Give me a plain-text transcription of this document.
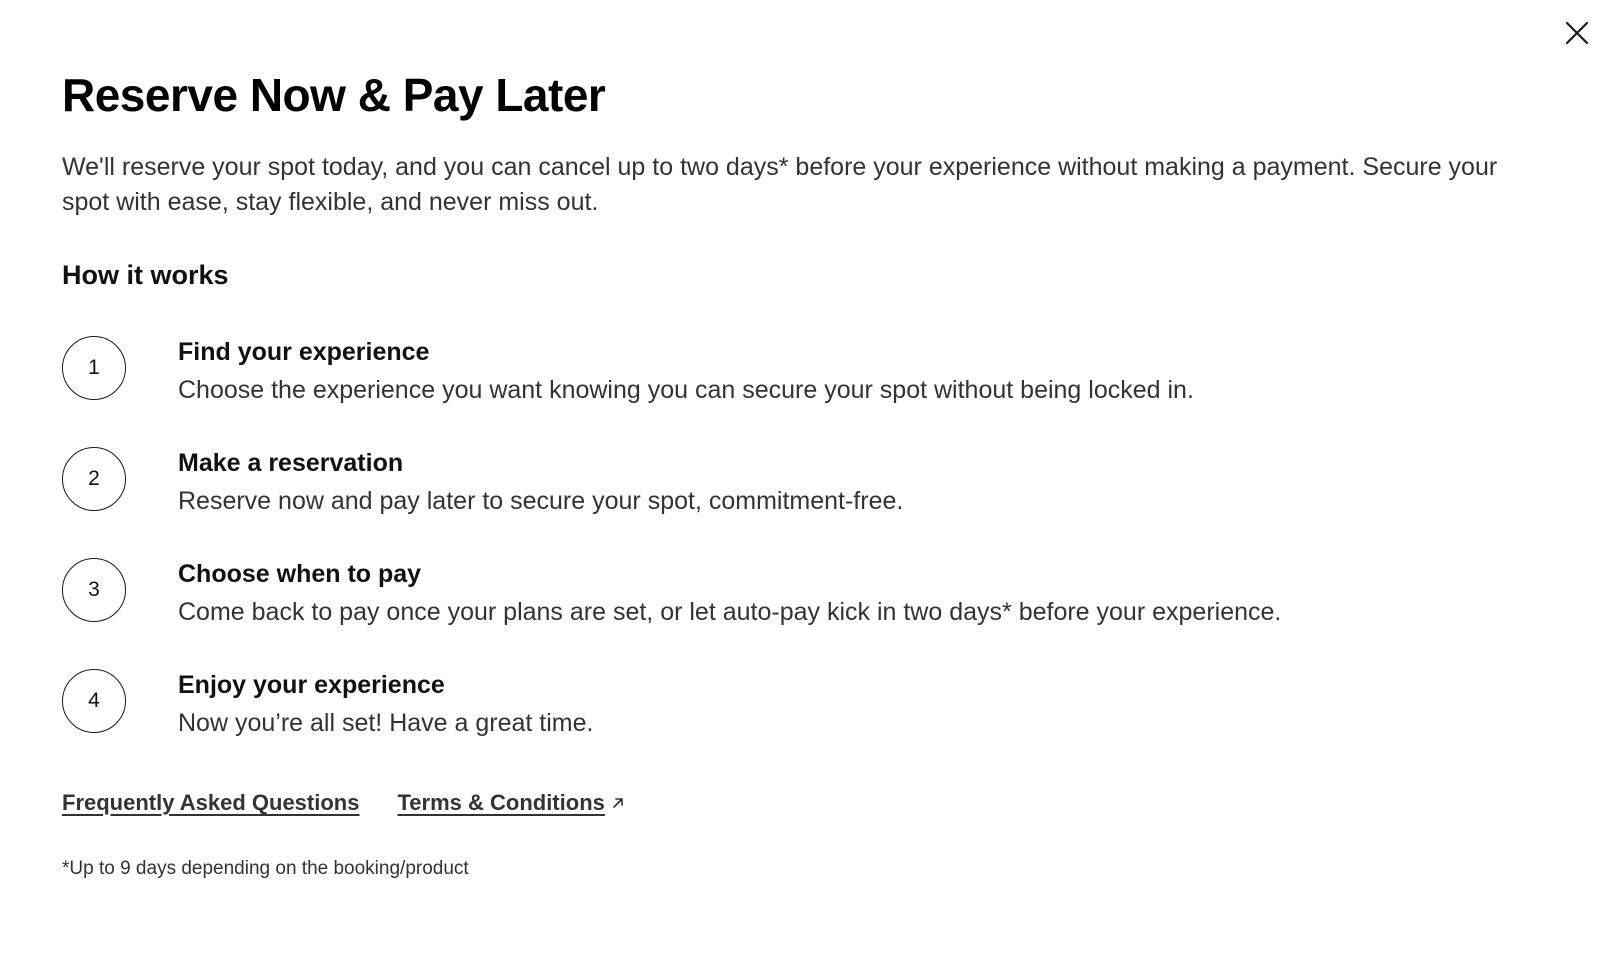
Reserve Now & Pay Later

We'll reserve your spot today, and you can cancel up to two days* before your experience without making a payment. Secure your spot with ease, stay flexible, and never miss out.

How it works
1
Find your experience
Choose the experience you want knowing you can secure your spot without being locked in.
2
Make a reservation
Reserve now and pay later to secure your spot, commitment-free.
3
Choose when to pay
Come back to pay once your plans are set, or let auto-pay kick in two days* before your experience.
4
Enjoy your experience
Now you’re all set! Have a great time.
Frequently Asked Questions Terms & Conditions

*Up to 9 days depending on the booking/product
